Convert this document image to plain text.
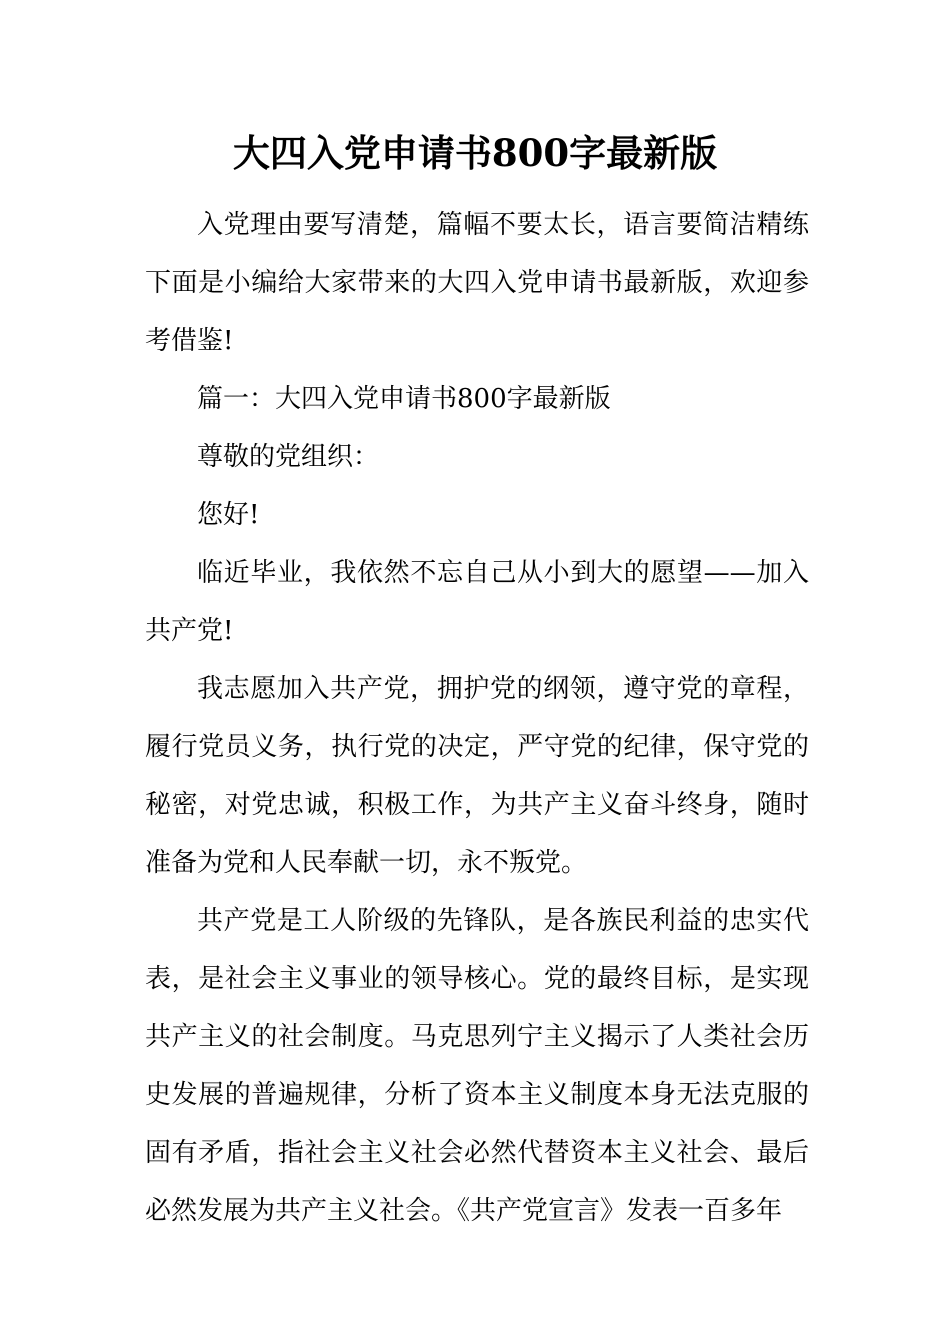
大四入党申请书800字最新版

入党理由要写清楚，篇幅不要太长，语言要简洁精练下面是小编给大家带来的大四入党申请书最新版，欢迎参考借鉴!

篇一：大四入党申请书800字最新版

尊敬的党组织：

您好!

临近毕业，我依然不忘自己从小到大的愿望——加入共产党!

我志愿加入共产党，拥护党的纲领，遵守党的章程，履行党员义务，执行党的决定，严守党的纪律，保守党的秘密，对党忠诚，积极工作，为共产主义奋斗终身，随时准备为党和人民奉献一切，永不叛党。

共产党是工人阶级的先锋队，是各族民利益的忠实代表，是社会主义事业的领导核心。党的最终目标，是实现共产主义的社会制度。马克思列宁主义揭示了人类社会历史发展的普遍规律，分析了资本主义制度本身无法克服的固有矛盾，指社会主义社会必然代替资本主义社会、最后必然发展为共产主义社会。《共产党宣言》发表一百多年
